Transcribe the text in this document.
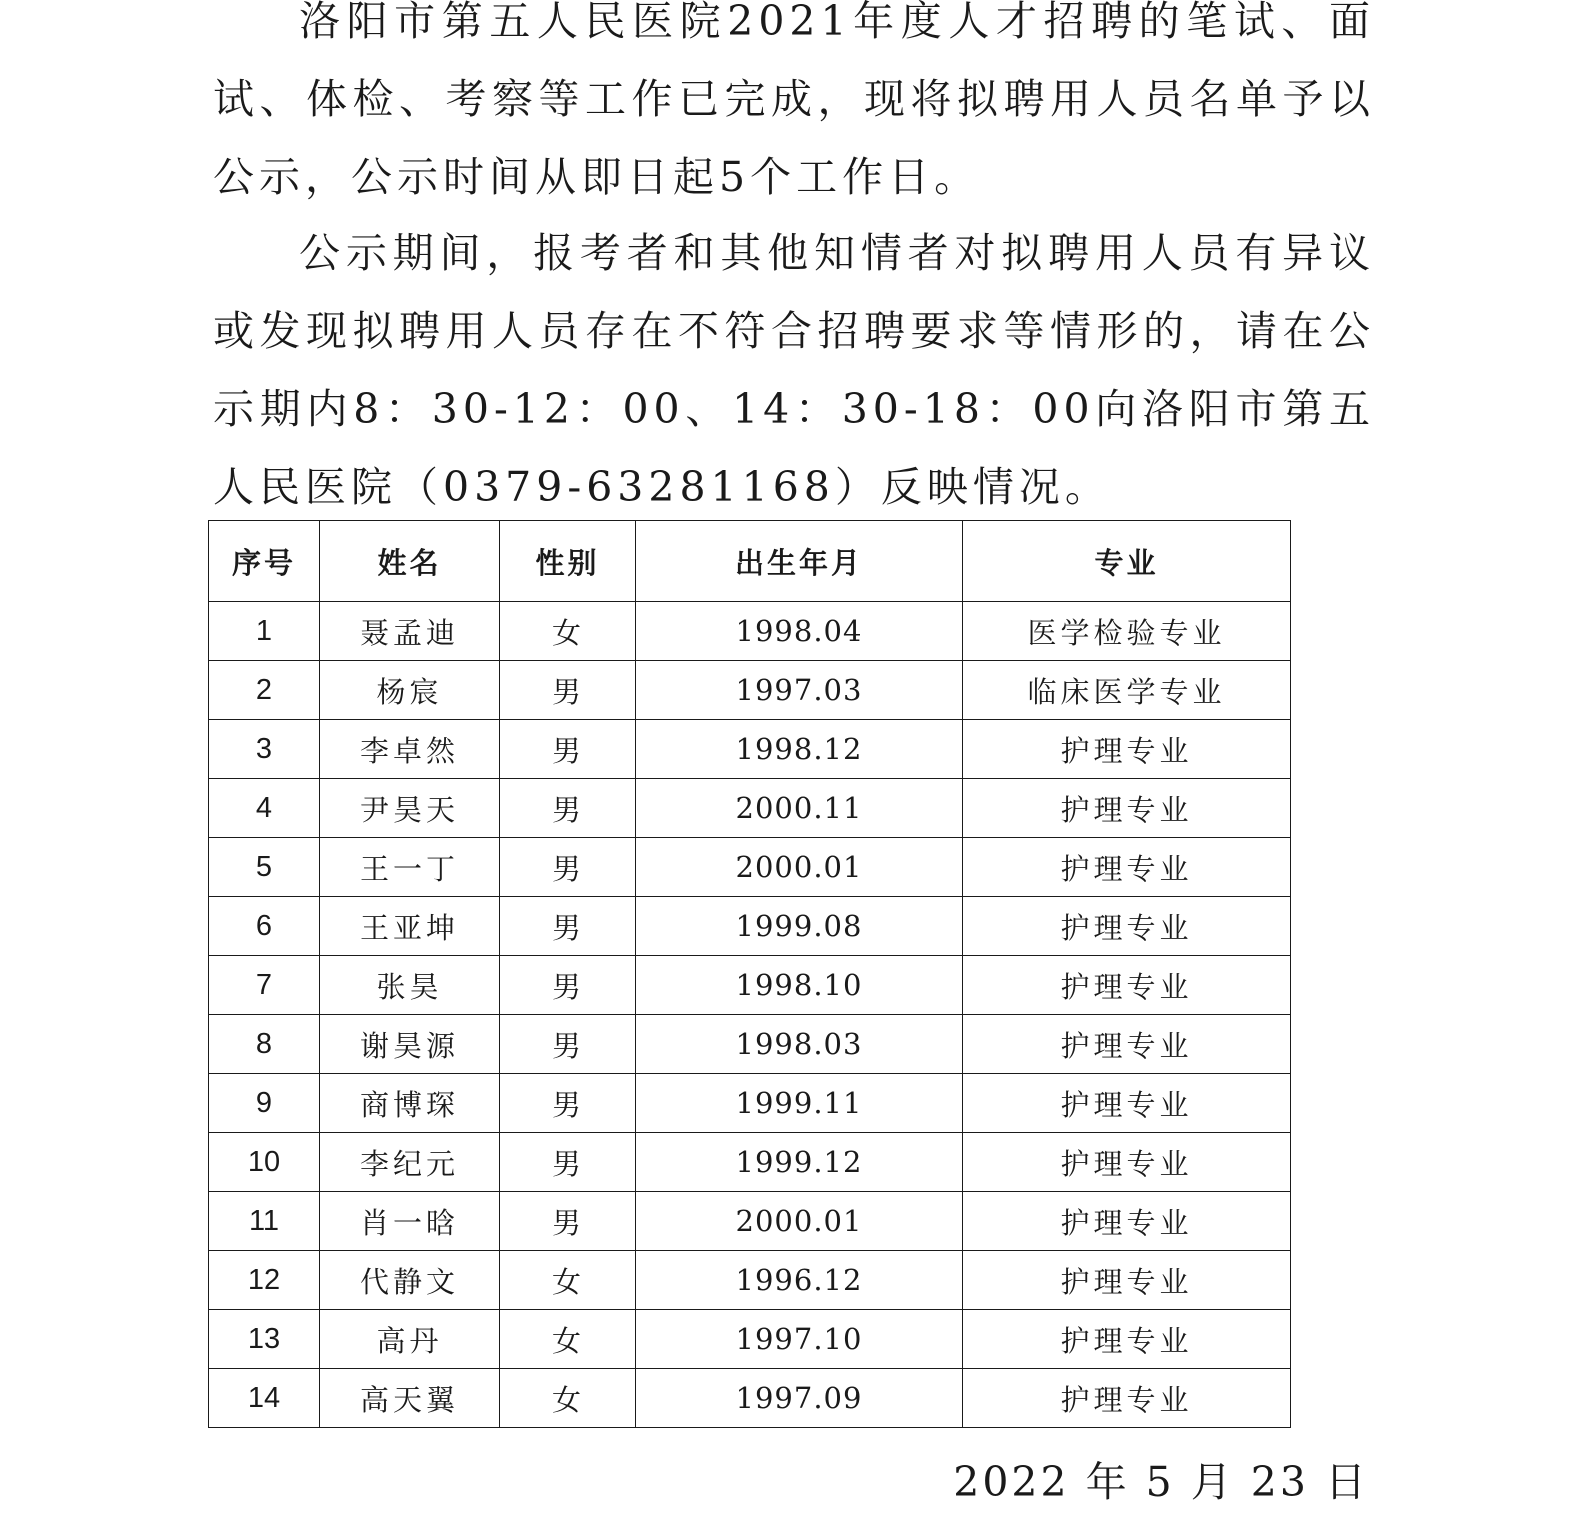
洛阳市第五人民医院2021年度人才招聘的笔试、面试、体检、考察等工作已完成，现将拟聘用人员名单予以公示，公示时间从即日起5个工作日。

公示期间，报考者和其他知情者对拟聘用人员有异议或发现拟聘用人员存在不符合招聘要求等情形的，请在公示期内8：30-12：00、14：30-18：00向洛阳市第五人民医院（0379-63281168）反映情况。

序号	姓名	性别	出生年月	专业
1	聂孟迪	女	1998.04	医学检验专业
2	杨宸	男	1997.03	临床医学专业
3	李卓然	男	1998.12	护理专业
4	尹昊天	男	2000.11	护理专业
5	王一丁	男	2000.01	护理专业
6	王亚坤	男	1999.08	护理专业
7	张昊	男	1998.10	护理专业
8	谢昊源	男	1998.03	护理专业
9	商博琛	男	1999.11	护理专业
10	李纪元	男	1999.12	护理专业
11	肖一晗	男	2000.01	护理专业
12	代静文	女	1996.12	护理专业
13	高丹	女	1997.10	护理专业
14	高天翼	女	1997.09	护理专业

2022 年 5 月 23 日
